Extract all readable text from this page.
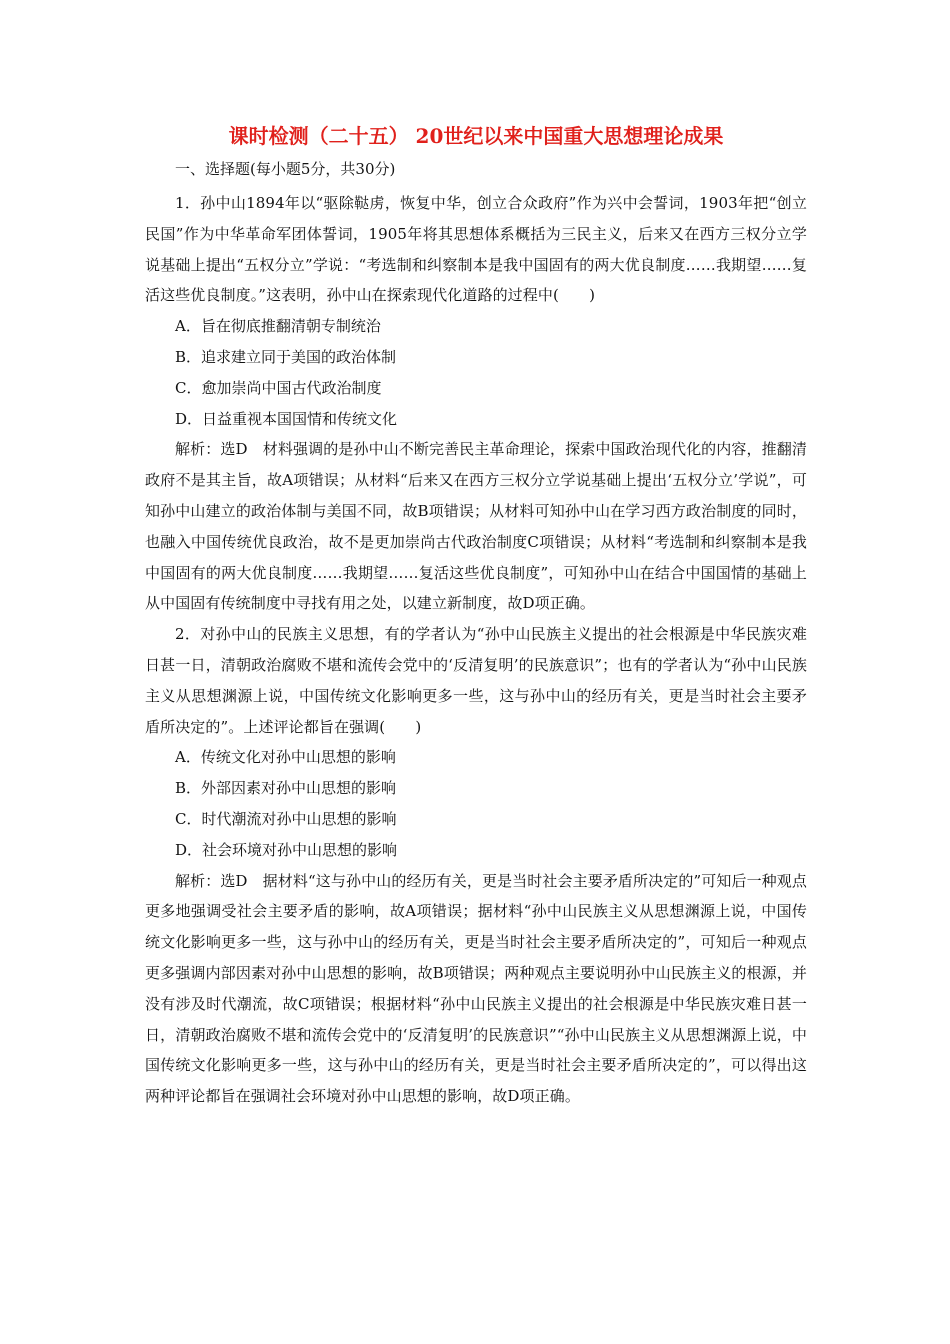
课时检测（二十五） 20世纪以来中国重大思想理论成果
一、选择题(每小题5分，共30分)

1．孙中山1894年以“驱除鞑虏，恢复中华，创立合众政府”作为兴中会誓词，1903年把“创立民国”作为中华革命军团体誓词，1905年将其思想体系概括为三民主义，后来又在西方三权分立学说基础上提出“五权分立”学说：“考选制和纠察制本是我中国固有的两大优良制度……我期望……复活这些优良制度。”这表明，孙中山在探索现代化道路的过程中(　　)

A．旨在彻底推翻清朝专制统治

B．追求建立同于美国的政治体制

C．愈加崇尚中国古代政治制度

D．日益重视本国国情和传统文化

解析：选D　材料强调的是孙中山不断完善民主革命理论，探索中国政治现代化的内容，推翻清政府不是其主旨，故A项错误；从材料“后来又在西方三权分立学说基础上提出‘五权分立’学说”，可知孙中山建立的政治体制与美国不同，故B项错误；从材料可知孙中山在学习西方政治制度的同时，也融入中国传统优良政治，故不是更加崇尚古代政治制度C项错误；从材料“考选制和纠察制本是我中国固有的两大优良制度……我期望……复活这些优良制度”，可知孙中山在结合中国国情的基础上从中国固有传统制度中寻找有用之处，以建立新制度，故D项正确。

2．对孙中山的民族主义思想，有的学者认为“孙中山民族主义提出的社会根源是中华民族灾难日甚一日，清朝政治腐败不堪和流传会党中的‘反清复明’的民族意识”；也有的学者认为“孙中山民族主义从思想渊源上说，中国传统文化影响更多一些，这与孙中山的经历有关，更是当时社会主要矛盾所决定的”。上述评论都旨在强调(　　)

A．传统文化对孙中山思想的影响

B．外部因素对孙中山思想的影响

C．时代潮流对孙中山思想的影响

D．社会环境对孙中山思想的影响

解析：选D　据材料“这与孙中山的经历有关，更是当时社会主要矛盾所决定的”可知后一种观点更多地强调受社会主要矛盾的影响，故A项错误；据材料“孙中山民族主义从思想渊源上说，中国传统文化影响更多一些，这与孙中山的经历有关，更是当时社会主要矛盾所决定的”，可知后一种观点更多强调内部因素对孙中山思想的影响，故B项错误；两种观点主要说明孙中山民族主义的根源，并没有涉及时代潮流，故C项错误；根据材料“孙中山民族主义提出的社会根源是中华民族灾难日甚一日，清朝政治腐败不堪和流传会党中的‘反清复明’的民族意识”“孙中山民族主义从思想渊源上说，中国传统文化影响更多一些，这与孙中山的经历有关，更是当时社会主要矛盾所决定的”，可以得出这两种评论都旨在强调社会环境对孙中山思想的影响，故D项正确。
